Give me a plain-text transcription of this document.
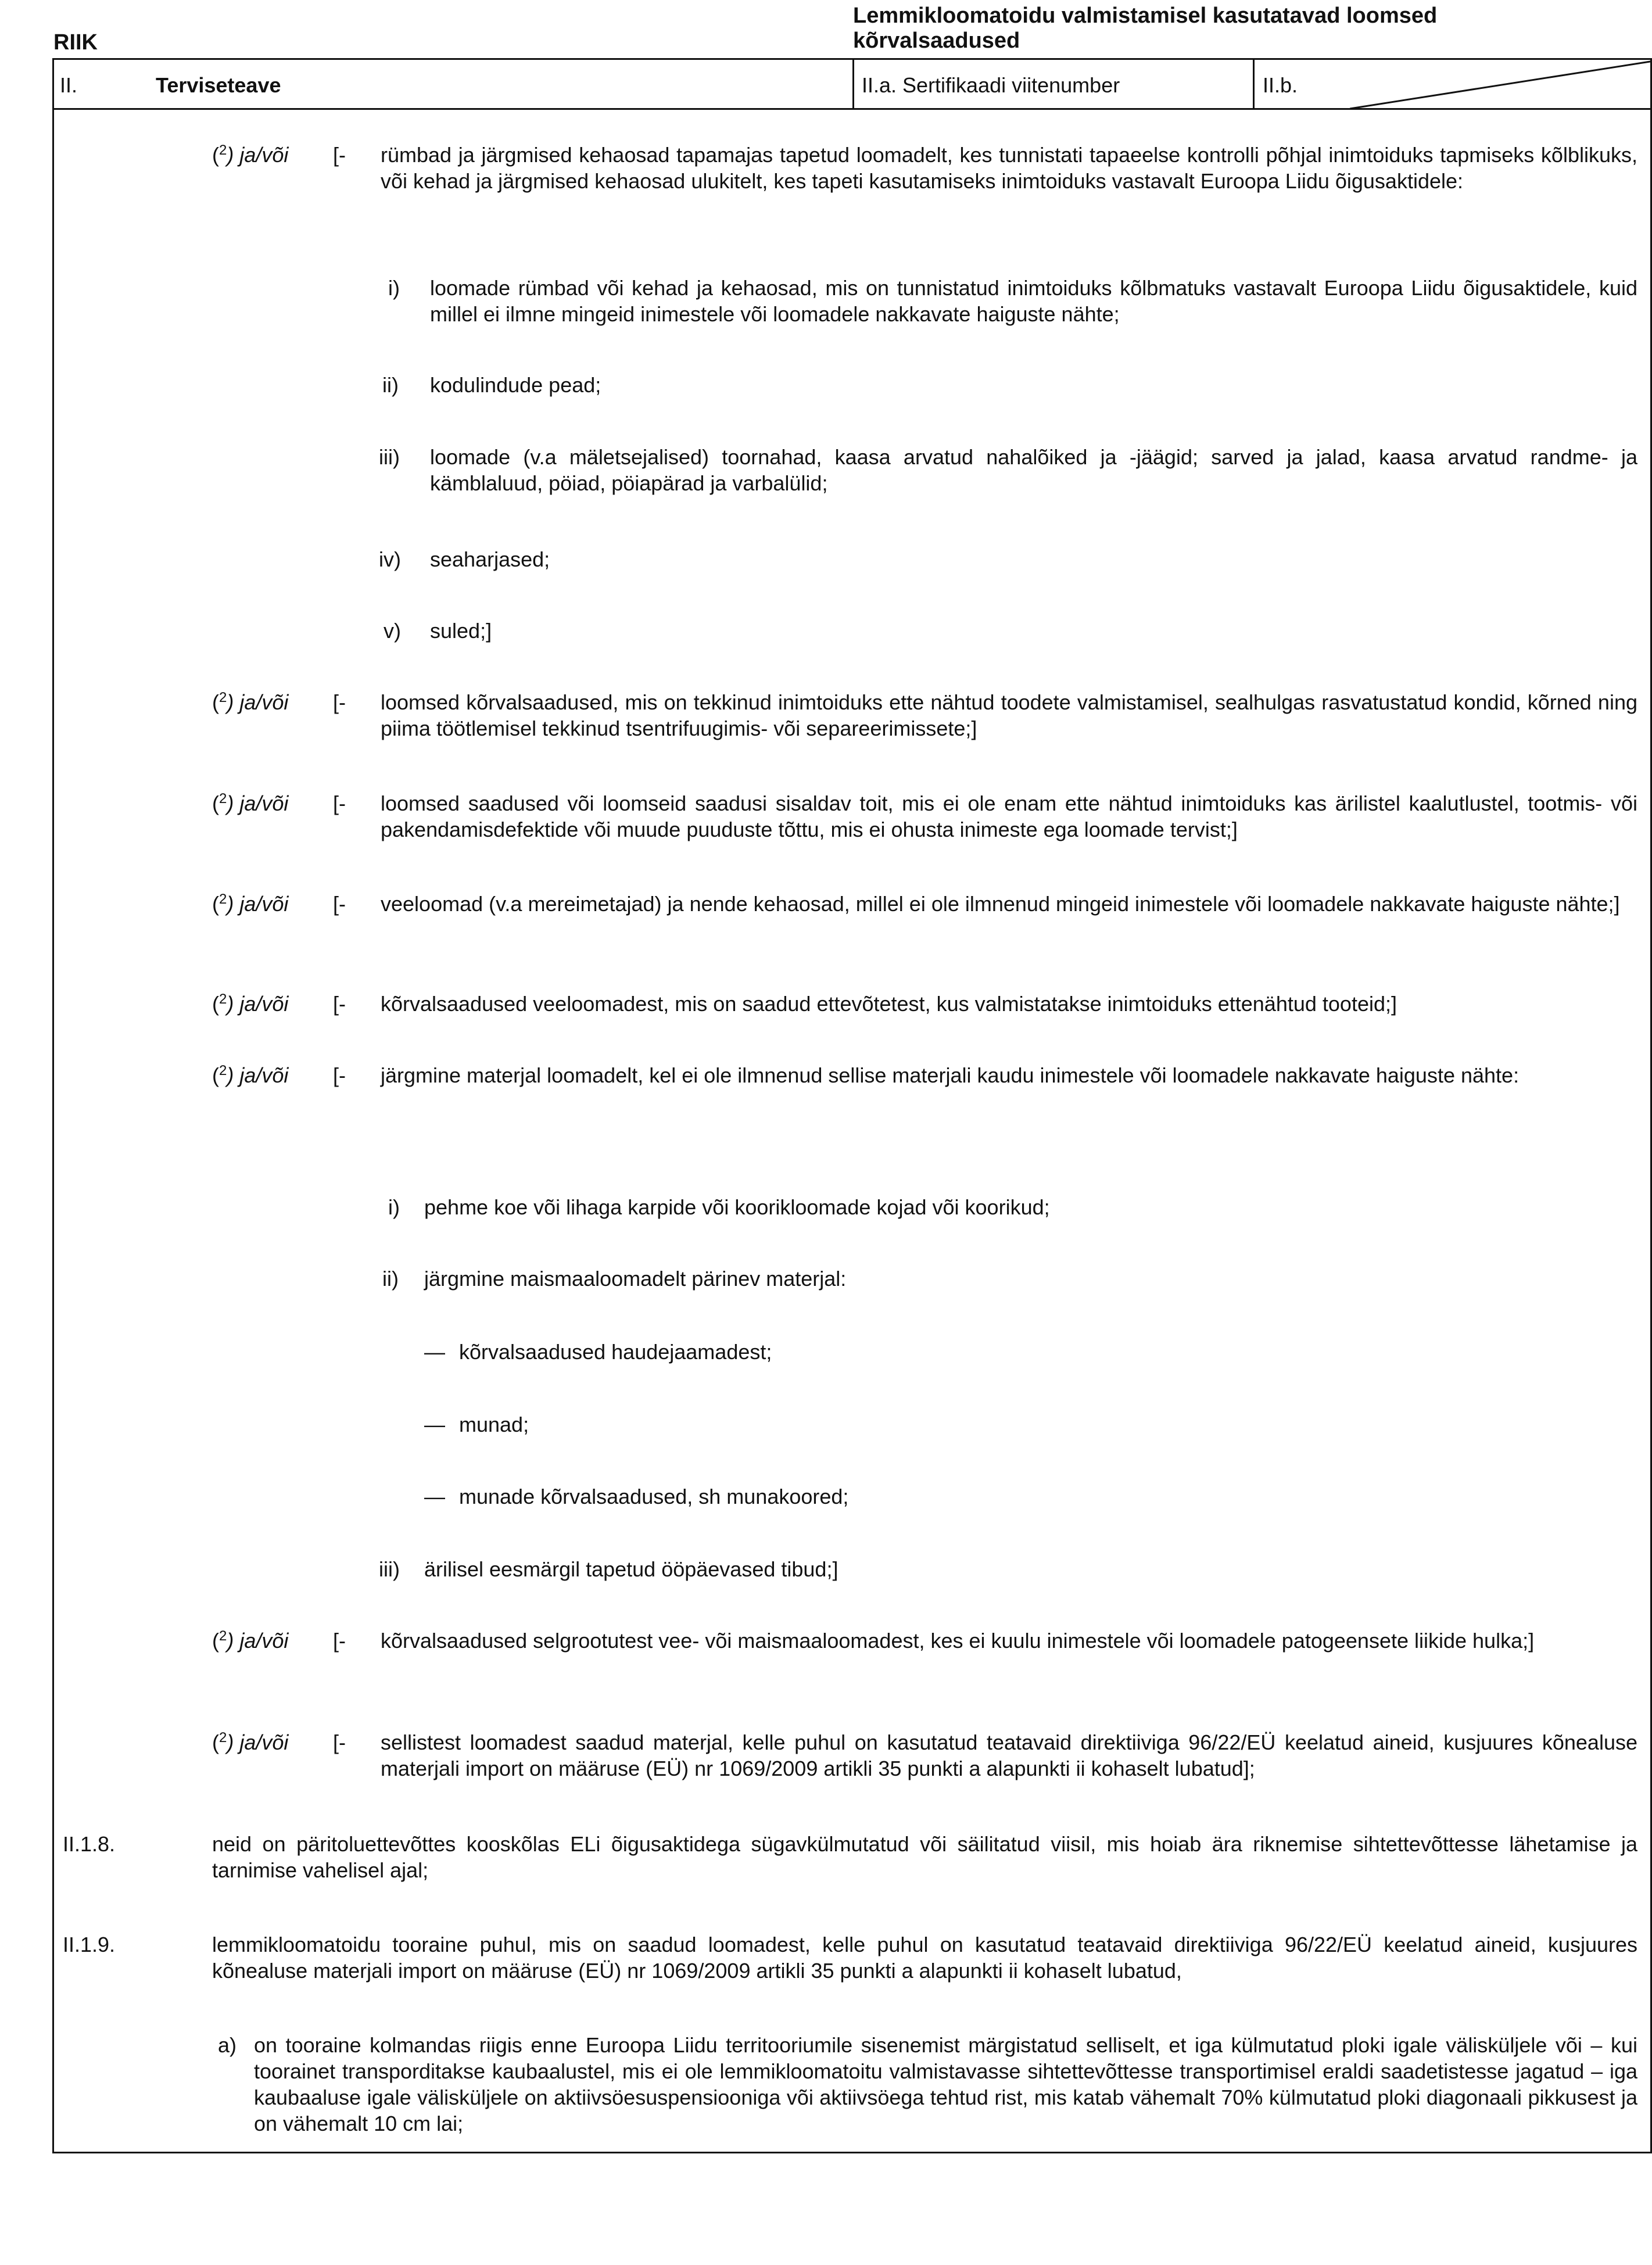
RIIK
Lemmikloomatoidu valmistamisel kasutatavad loomsed kõrvalsaadused
II.	Terviseteave	II.a. Sertifikaadi viitenumber	II.b.
($^2$) ja/või [- rümbad ja järgmised kehaosad tapamajas tapetud loomadelt, kes tunnistati tapaeelse kontrolli põhjal inimtoiduks tapmiseks kõlblikuks, või kehad ja järgmised kehaosad ulukitelt, kes tapeti kasutamiseks inimtoiduks vastavalt Euroopa Liidu õigusaktidele:
i) loomade rümbad või kehad ja kehaosad, mis on tunnistatud inimtoiduks kõlbmatuks vastavalt Euroopa Liidu õigusaktidele, kuid millel ei ilmne mingeid inimestele või loomadele nakkavate haiguste nähte;
ii) kodulindude pead;
iii) loomade (v.a mäletsejalised) toornahad, kaasa arvatud nahalõiked ja -jäägid; sarved ja jalad, kaasa arvatud randme- ja kämblaluud, pöiad, pöiapärad ja varbalülid;
iv) seaharjased;
v) suled;]
($^2$) ja/või [- loomsed kõrvalsaadused, mis on tekkinud inimtoiduks ette nähtud toodete valmistamisel, sealhulgas rasvatustatud kondid, kõrned ning piima töötlemisel tekkinud tsentrifuugimis- või separeerimissete;]
($^2$) ja/või [- loomsed saadused või loomseid saadusi sisaldav toit, mis ei ole enam ette nähtud inimtoiduks kas ärilistel kaalutlustel, tootmis- või pakendamisdefektide või muude puuduste tõttu, mis ei ohusta inimeste ega loomade tervist;]
($^2$) ja/või [- veeloomad (v.a mereimetajad) ja nende kehaosad, millel ei ole ilmnenud mingeid inimestele või loomadele nakkavate haiguste nähte;]
($^2$) ja/või [- kõrvalsaadused veeloomadest, mis on saadud ettevõtetest, kus valmistatakse inimtoiduks ettenähtud tooteid;]
($^2$) ja/või [- järgmine materjal loomadelt, kel ei ole ilmnenud sellise materjali kaudu inimestele või loomadele nakkavate haiguste nähte:
i) pehme koe või lihaga karpide või koorikloomade kojad või koorikud;
ii) järgmine maismaaloomadelt pärinev materjal:
— kõrvalsaadused haudejaamadest;
— munad;
— munade kõrvalsaadused, sh munakoored;
iii) ärilisel eesmärgil tapetud ööpäevased tibud;]
($^2$) ja/või [- kõrvalsaadused selgrootutest vee- või maismaaloomadest, kes ei kuulu inimestele või loomadele patogeensete liikide hulka;]
($^2$) ja/või [- sellistest loomadest saadud materjal, kelle puhul on kasutatud teatavaid direktiiviga 96/22/EÜ keelatud aineid, kusjuures kõnealuse materjali import on määruse (EÜ) nr 1069/2009 artikli 35 punkti a alapunkti ii kohaselt lubatud];
II.1.8.	neid on päritoluettevõttes kooskõlas ELi õigusaktidega sügavkülmutatud või säilitatud viisil, mis hoiab ära riknemise sihtettevõttesse lähetamise ja tarnimise vahelisel ajal;
II.1.9.	lemmikloomatoidu tooraine puhul, mis on saadud loomadest, kelle puhul on kasutatud teatavaid direktiiviga 96/22/EÜ keelatud aineid, kusjuures kõnealuse materjali import on määruse (EÜ) nr 1069/2009 artikli 35 punkti a alapunkti ii kohaselt lubatud,
a) on tooraine kolmandas riigis enne Euroopa Liidu territooriumile sisenemist märgistatud selliselt, et iga külmutatud ploki igale välisküljele või – kui toorainet transporditakse kaubaalustel, mis ei ole lemmikloomatoitu valmistavasse sihtettevõttesse transportimisel eraldi saadetistesse jagatud – iga kaubaaluse igale välisküljele on aktiivsöesuspensiooniga või aktiivsöega tehtud rist, mis katab vähemalt 70% külmutatud ploki diagonaali pikkusest ja on vähemalt 10 cm lai;
